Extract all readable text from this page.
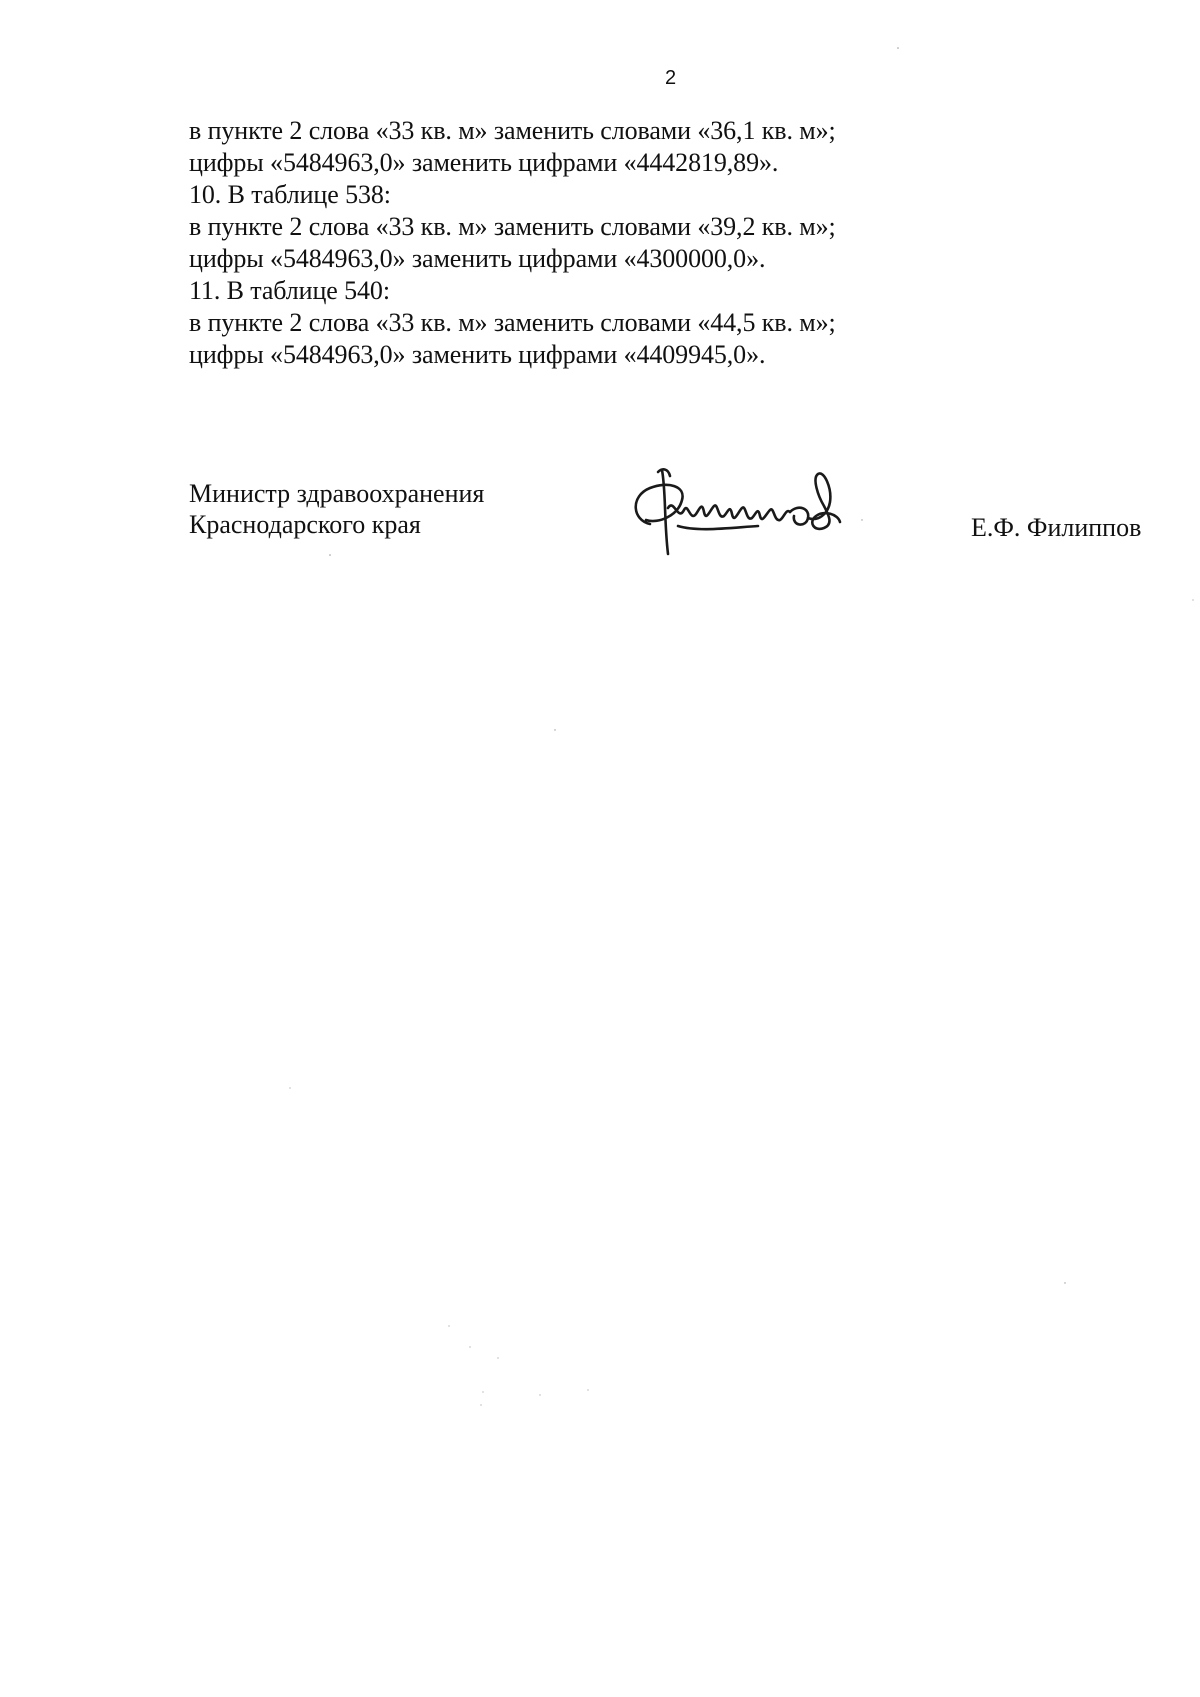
2

в пункте 2 слова «33 кв. м» заменить словами «36,1 кв. м»;

цифры «5484963,0» заменить цифрами «4442819,89».

10. В таблице 538:

в пункте 2 слова «33 кв. м» заменить словами «39,2 кв. м»;

цифры «5484963,0» заменить цифрами «4300000,0».

11. В таблице 540:

в пункте 2 слова «33 кв. м» заменить словами «44,5 кв. м»;

цифры «5484963,0» заменить цифрами «4409945,0».

Министр здравоохранения

Краснодарского края	Е.Ф. Филиппов
